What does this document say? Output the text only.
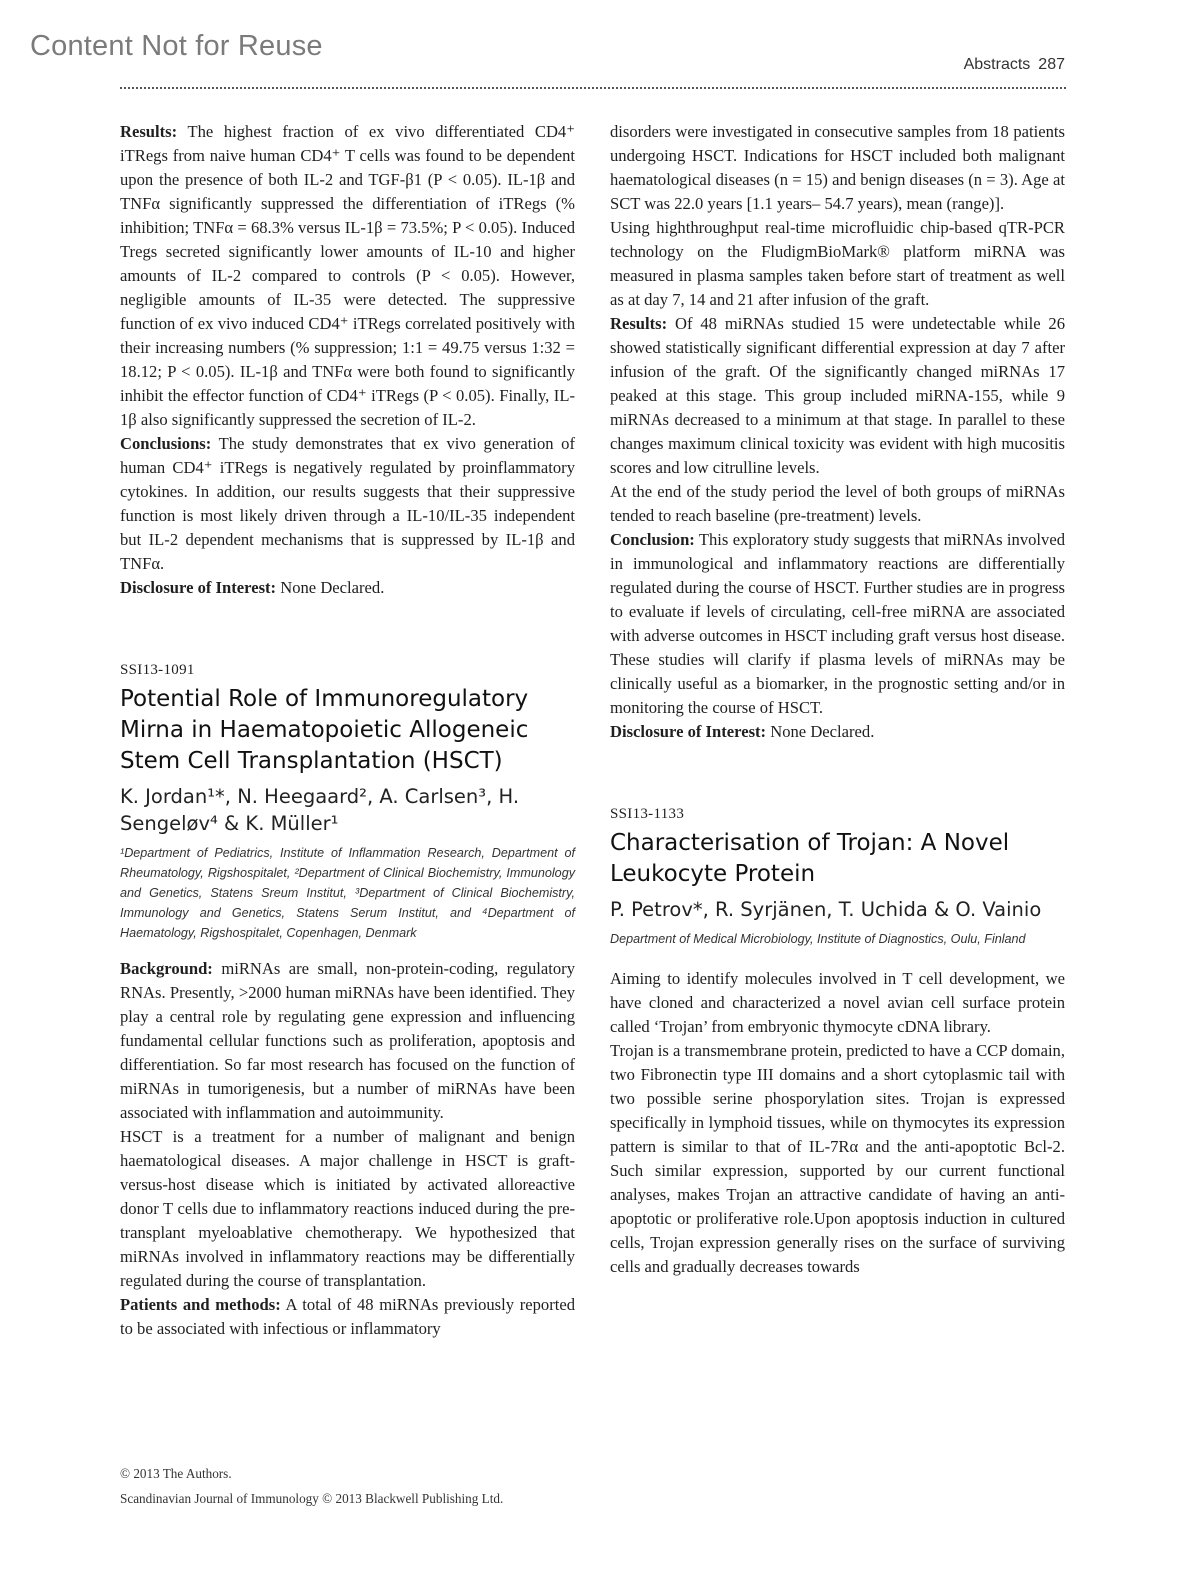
Content Not for Reuse
Abstracts 287

Results: The highest fraction of ex vivo differentiated CD4⁺ iTRegs from naive human CD4⁺ T cells was found to be dependent upon the presence of both IL-2 and TGF-β1 (P < 0.05). IL-1β and TNFα significantly suppressed the differentiation of iTRegs (% inhibition; TNFα = 68.3% versus IL-1β = 73.5%; P < 0.05). Induced Tregs secreted significantly lower amounts of IL-10 and higher amounts of IL-2 compared to controls (P < 0.05). However, negligible amounts of IL-35 were detected. The suppressive function of ex vivo induced CD4⁺ iTRegs correlated positively with their increasing numbers (% suppression; 1:1 = 49.75 versus 1:32 = 18.12; P < 0.05). IL-1β and TNFα were both found to significantly inhibit the effector function of CD4⁺ iTRegs (P < 0.05). Finally, IL-1β also significantly suppressed the secretion of IL-2.

Conclusions: The study demonstrates that ex vivo generation of human CD4⁺ iTRegs is negatively regulated by proinflammatory cytokines. In addition, our results suggests that their suppressive function is most likely driven through a IL-10/IL-35 independent but IL-2 dependent mechanisms that is suppressed by IL-1β and TNFα.

Disclosure of Interest: None Declared.

SSI13-1091

Potential Role of Immunoregulatory Mirna in Haematopoietic Allogeneic Stem Cell Transplantation (HSCT)

K. Jordan¹*, N. Heegaard², A. Carlsen³, H. Sengeløv⁴ & K. Müller¹

¹Department of Pediatrics, Institute of Inflammation Research, Department of Rheumatology, Rigshospitalet, ²Department of Clinical Biochemistry, Immunology and Genetics, Statens Sreum Institut, ³Department of Clinical Biochemistry, Immunology and Genetics, Statens Serum Institut, and ⁴Department of Haematology, Rigshospitalet, Copenhagen, Denmark

Background: miRNAs are small, non-protein-coding, regulatory RNAs. Presently, >2000 human miRNAs have been identified. They play a central role by regulating gene expression and influencing fundamental cellular functions such as proliferation, apoptosis and differentiation. So far most research has focused on the function of miRNAs in tumorigenesis, but a number of miRNAs have been associated with inflammation and autoimmunity.

HSCT is a treatment for a number of malignant and benign haematological diseases. A major challenge in HSCT is graft-versus-host disease which is initiated by activated alloreactive donor T cells due to inflammatory reactions induced during the pre-transplant myeloablative chemotherapy. We hypothesized that miRNAs involved in inflammatory reactions may be differentially regulated during the course of transplantation.

Patients and methods: A total of 48 miRNAs previously reported to be associated with infectious or inflammatory

disorders were investigated in consecutive samples from 18 patients undergoing HSCT. Indications for HSCT included both malignant haematological diseases (n = 15) and benign diseases (n = 3). Age at SCT was 22.0 years [1.1 years– 54.7 years), mean (range)].

Using highthroughput real-time microfluidic chip-based qTR-PCR technology on the FludigmBioMark® platform miRNA was measured in plasma samples taken before start of treatment as well as at day 7, 14 and 21 after infusion of the graft.

Results: Of 48 miRNAs studied 15 were undetectable while 26 showed statistically significant differential expression at day 7 after infusion of the graft. Of the significantly changed miRNAs 17 peaked at this stage. This group included miRNA-155, while 9 miRNAs decreased to a minimum at that stage. In parallel to these changes maximum clinical toxicity was evident with high mucositis scores and low citrulline levels.

At the end of the study period the level of both groups of miRNAs tended to reach baseline (pre-treatment) levels.

Conclusion: This exploratory study suggests that miRNAs involved in immunological and inflammatory reactions are differentially regulated during the course of HSCT. Further studies are in progress to evaluate if levels of circulating, cell-free miRNA are associated with adverse outcomes in HSCT including graft versus host disease. These studies will clarify if plasma levels of miRNAs may be clinically useful as a biomarker, in the prognostic setting and/or in monitoring the course of HSCT.

Disclosure of Interest: None Declared.

SSI13-1133

Characterisation of Trojan: A Novel Leukocyte Protein

P. Petrov*, R. Syrjänen, T. Uchida & O. Vainio

Department of Medical Microbiology, Institute of Diagnostics, Oulu, Finland

Aiming to identify molecules involved in T cell development, we have cloned and characterized a novel avian cell surface protein called ‘Trojan’ from embryonic thymocyte cDNA library.

Trojan is a transmembrane protein, predicted to have a CCP domain, two Fibronectin type III domains and a short cytoplasmic tail with two possible serine phosporylation sites. Trojan is expressed specifically in lymphoid tissues, while on thymocytes its expression pattern is similar to that of IL-7Rα and the anti-apoptotic Bcl-2. Such similar expression, supported by our current functional analyses, makes Trojan an attractive candidate of having an anti-apoptotic or proliferative role.Upon apoptosis induction in cultured cells, Trojan expression generally rises on the surface of surviving cells and gradually decreases towards

© 2013 The Authors.
Scandinavian Journal of Immunology © 2013 Blackwell Publishing Ltd.
